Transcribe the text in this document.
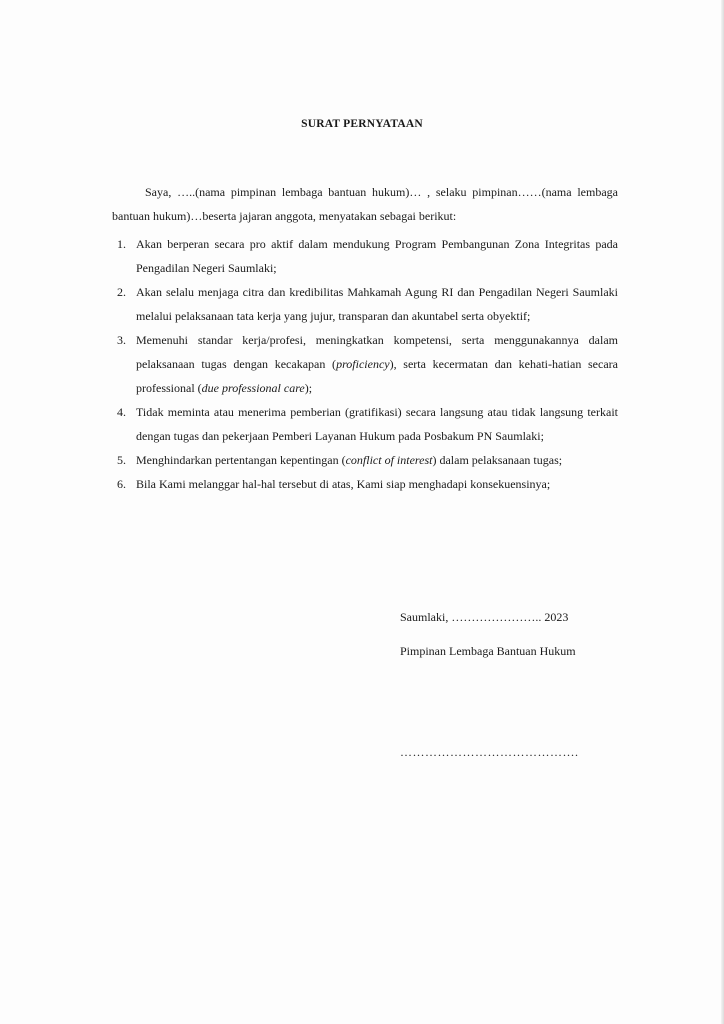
SURAT PERNYATAAN

Saya, …..(nama pimpinan lembaga bantuan hukum)… , selaku pimpinan……(nama lembaga bantuan hukum)…beserta jajaran anggota, menyatakan sebagai berikut:

1. Akan berperan secara pro aktif dalam mendukung Program Pembangunan Zona Integritas pada Pengadilan Negeri Saumlaki;
2. Akan selalu menjaga citra dan kredibilitas Mahkamah Agung RI dan Pengadilan Negeri Saumlaki melalui pelaksanaan tata kerja yang jujur, transparan dan akuntabel serta obyektif;
3. Memenuhi standar kerja/profesi, meningkatkan kompetensi, serta menggunakannya dalam pelaksanaan tugas dengan kecakapan (proficiency), serta kecermatan dan kehati-hatian secara professional (due professional care);
4. Tidak meminta atau menerima pemberian (gratifikasi) secara langsung atau tidak langsung terkait dengan tugas dan pekerjaan Pemberi Layanan Hukum pada Posbakum PN Saumlaki;
5. Menghindarkan pertentangan kepentingan (conflict of interest) dalam pelaksanaan tugas;
6. Bila Kami melanggar hal-hal tersebut di atas, Kami siap menghadapi konsekuensinya;
Saumlaki, ………………….. 2023
Pimpinan Lembaga Bantuan Hukum
…………………………………….
